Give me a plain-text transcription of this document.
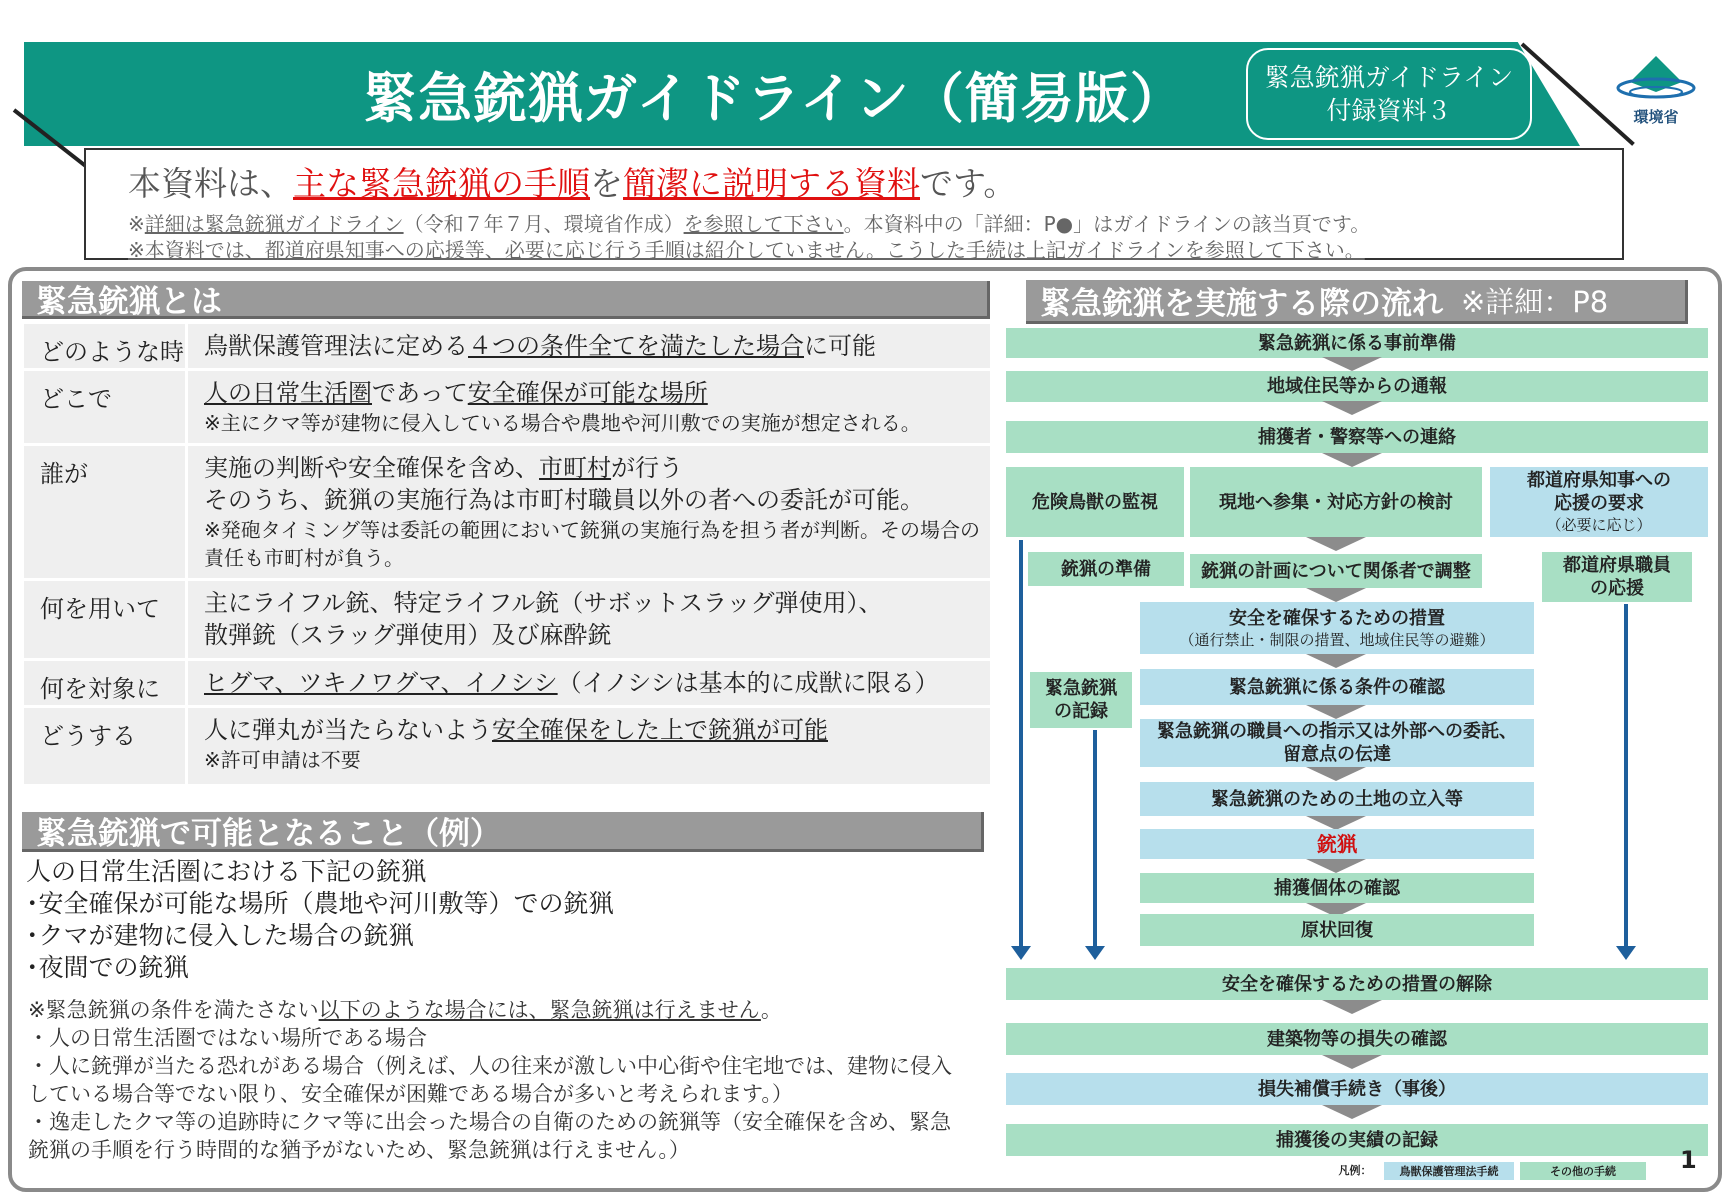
緊急銃猟ガイドライン（簡易版）	緊急銃猟ガイドライン
付録資料３	環境省
本資料は、主な緊急銃猟の手順を簡潔に説明する資料です。
※詳細は緊急銃猟ガイドライン（令和７年７月、環境省作成）を参照して下さい。本資料中の「詳細：P●」はガイドラインの該当頁です。
※本資料では、都道府県知事への応援等、必要に応じ行う手順は紹介していません。こうした手続は上記ガイドラインを参照して下さい。
緊急銃猟とは
どのような時 鳥獣保護管理法に定める４つの条件全てを満たした場合に可能
どこで	人の日常生活圏であって安全確保が可能な場所
※主にクマ等が建物に侵入している場合や農地や河川敷での実施が想定される。
誰が	実施の判断や安全確保を含め、市町村が行う
そのうち、銃猟の実施行為は市町村職員以外の者への委託が可能。
※発砲タイミング等は委託の範囲において銃猟の実施行為を担う者が判断。その場合の責任も市町村が負う。
何を用いて	主にライフル銃、特定ライフル銃（サボットスラッグ弾使用）、
散弾銃（スラッグ弾使用）及び麻酔銃
何を対象に	ヒグマ、ツキノワグマ、イノシシ（イノシシは基本的に成獣に限る）
どうする	人に弾丸が当たらないよう安全確保をした上で銃猟が可能
※許可申請は不要
緊急銃猟で可能となること（例）
人の日常生活圏における下記の銃猟
･安全確保が可能な場所（農地や河川敷等）での銃猟
･クマが建物に侵入した場合の銃猟
･夜間での銃猟
※緊急銃猟の条件を満たさない以下のような場合には、緊急銃猟は行えません。
・人の日常生活圏ではない場所である場合
・人に銃弾が当たる恐れがある場合（例えば、人の往来が激しい中心街や住宅地では、建物に侵入している場合等でない限り、安全確保が困難である場合が多いと考えられます。）
・逸走したクマ等の追跡時にクマ等に出会った場合の自衛のための銃猟等（安全確保を含め、緊急銃猟の手順を行う時間的な猶予がないため、緊急銃猟は行えません。）
緊急銃猟を実施する際の流れ ※詳細：P8
緊急銃猟に係る事前準備
地域住民等からの通報
捕獲者・警察等への連絡
危険鳥獣の監視	現地へ参集・対応方針の検討
都道府県知事への
応援の要求
（必要に応じ）
銃猟の準備	銃猟の計画について関係者で調整	都道府県職員
の応援
安全を確保するための措置
（通行禁止・制限の措置、地域住民等の避難）
緊急銃猟
の記録
緊急銃猟に係る条件の確認
緊急銃猟の職員への指示又は外部への委託、
留意点の伝達
緊急銃猟のための土地の立入等
銃猟
捕獲個体の確認
原状回復
安全を確保するための措置の解除
建築物等の損失の確認
損失補償手続き（事後）
捕獲後の実績の記録
凡例：	鳥獣保護管理法手続	その他の手続	1
